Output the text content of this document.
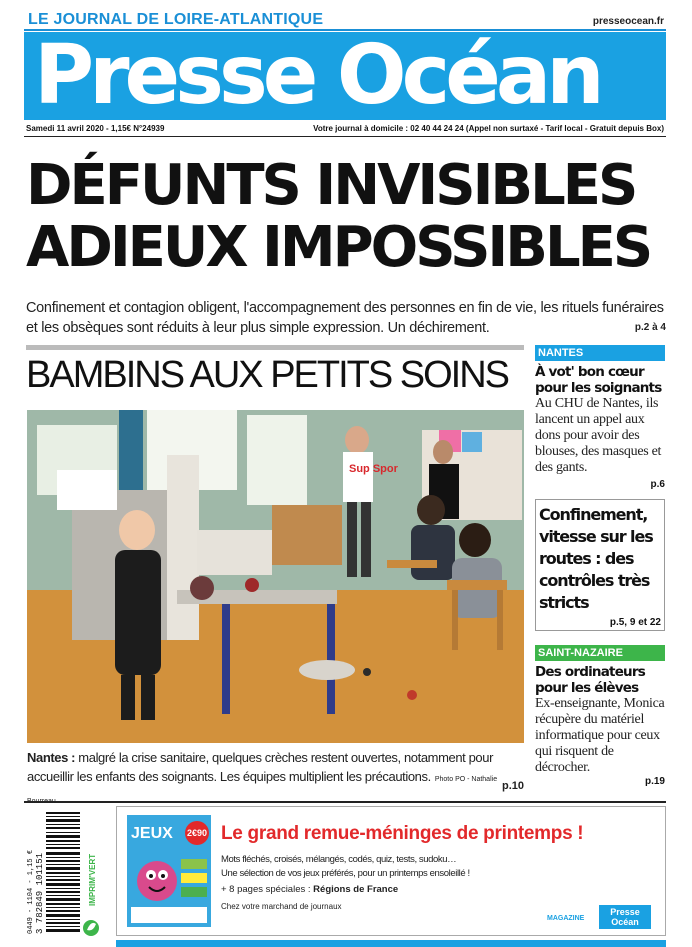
LE JOURNAL DE LOIRE-ATLANTIQUE	presseocean.fr
Presse Océan
Samedi 11 avril 2020 - 1,15€ N°24939	Votre journal à domicile : 02 40 44 24 24 (Appel non surtaxé - Tarif local - Gratuit depuis Box)
DÉFUNTS INVISIBLES
ADIEUX IMPOSSIBLES
Confinement et contagion obligent, l'accompagnement des personnes en fin de vie, les rituels funéraires et les obsèques sont réduits à leur plus simple expression. Un déchirement.	p.2 à 4
BAMBINS AUX PETITS SOINS
Sup Spor
Nantes : malgré la crise sanitaire, quelques crèches restent ouvertes, notamment pour accueillir les enfants des soignants. Les équipes multiplient les précautions. Photo PO - Nathalie
p.10
NANTES
À vot' bon cœur pour les soignants

Au CHU de Nantes, ils lancent un appel aux dons pour avoir des blouses, des masques et des gants.

p.6
Confinement, vitesse sur les routes : des contrôles très stricts
p.5, 9 et 22
SAINT-NAZAIRE
Des ordinateurs pour les élèves

Ex-enseignante, Monica récupère du matériel informatique pour ceux qui risquent de décrocher.

p.19
3 782849 101151
0449 - 1104 - 1,15 €	IMPRIM'VERT
JEUX 2€90 Le grand remue-méninges de printemps !
Mots fléchés, croisés, mélangés, codés, quiz, tests, sudoku…
Une sélection de vos jeux préférés, pour un printemps ensoleillé !
+ 8 pages spéciales : Régions de France
Chez votre marchand de journaux
MAGAZINE
Presse
Océan
